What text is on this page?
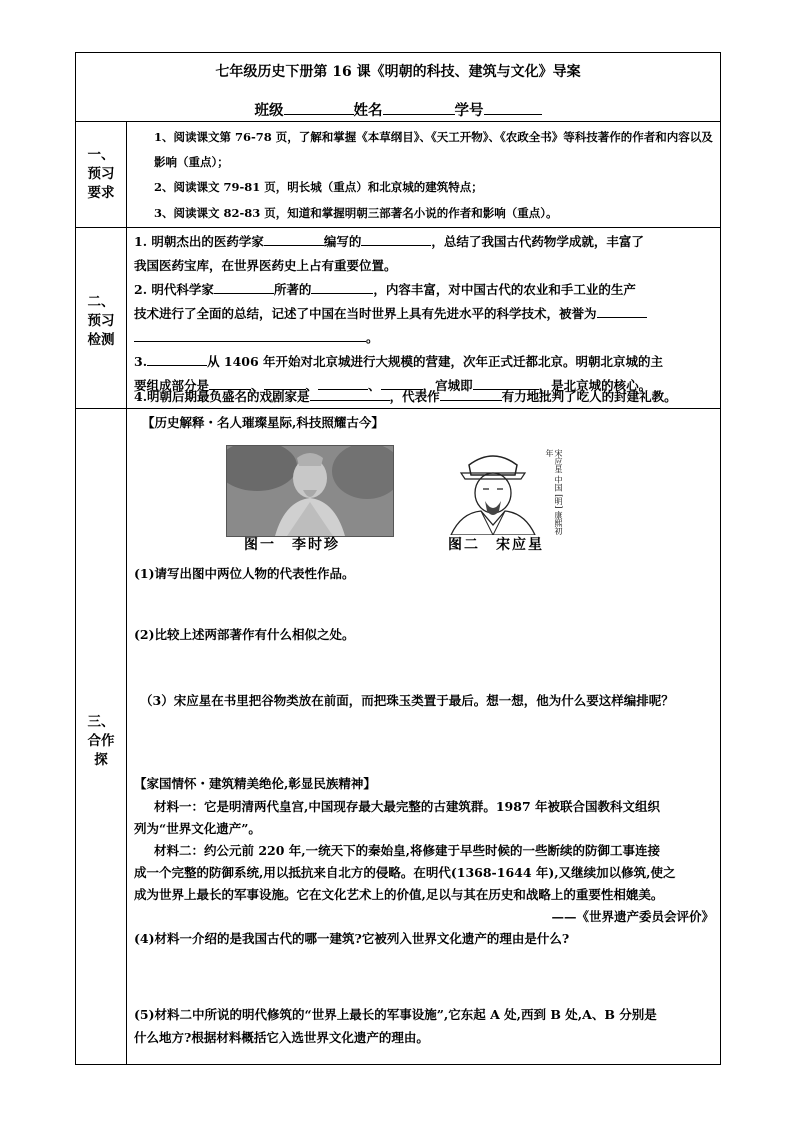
七年级历史下册第 16 课《明朝的科技、建筑与文化》导案
班级	姓名	学号
一、
预习
要求
1、阅读课文第 76-78 页，了解和掌握《本草纲目》、《天工开物》、《农政全书》等科技著作的作者和内容以及影响（重点）；
2、阅读课文 79-81 页，明长城（重点）和北京城的建筑特点；
3、阅读课文 82-83 页，知道和掌握明朝三部著名小说的作者和影响（重点）。
二、
预习
检测
1. 明朝杰出的医药学家	编写的	，总结了我国古代药物学成就，丰富了
我国医药宝库，在世界医药史上占有重要位置。
2. 明代科学家	所著的	，内容丰富，对中国古代的农业和手工业的生产
技术进行了全面的总结，记述了中国在当时世界上具有先进水平的科学技术，被誉为
。
3.	从 1406 年开始对北京城进行大规模的营建，次年正式迁都北京。明朝北京城的主
要组成部分是	、	、	、	，宫城即	，是北京城的核心。
4.明朝后期最负盛名的戏剧家是	，代表作	有力地批判了吃人的封建礼教。
三、
合作
探
【历史解释・名人璀璨星际,科技照耀古今】
图一　李时珍
宋应星 中国 [明] 康熙初年
图二　宋应星
(1)请写出图中两位人物的代表性作品。
(2)比较上述两部著作有什么相似之处。
（3）宋应星在书里把谷物类放在前面，而把珠玉类置于最后。想一想，他为什么要这样编排呢？
【家国情怀・建筑精美绝伦,彰显民族精神】
材料一：它是明清两代皇宫,中国现存最大最完整的古建筑群。1987 年被联合国教科文组织
列为“世界文化遗产”。
材料二：约公元前 220 年,一统天下的秦始皇,将修建于早些时候的一些断续的防御工事连接
成一个完整的防御系统,用以抵抗来自北方的侵略。在明代(1368-1644 年),又继续加以修筑,使之
成为世界上最长的军事设施。它在文化艺术上的价值,足以与其在历史和战略上的重要性相媲美。
——《世界遗产委员会评价》
(4)材料一介绍的是我国古代的哪一建筑?它被列入世界文化遗产的理由是什么?
(5)材料二中所说的明代修筑的“世界上最长的军事设施”,它东起 A 处,西到 B 处,A、B 分别是
什么地方?根据材料概括它入选世界文化遗产的理由。
